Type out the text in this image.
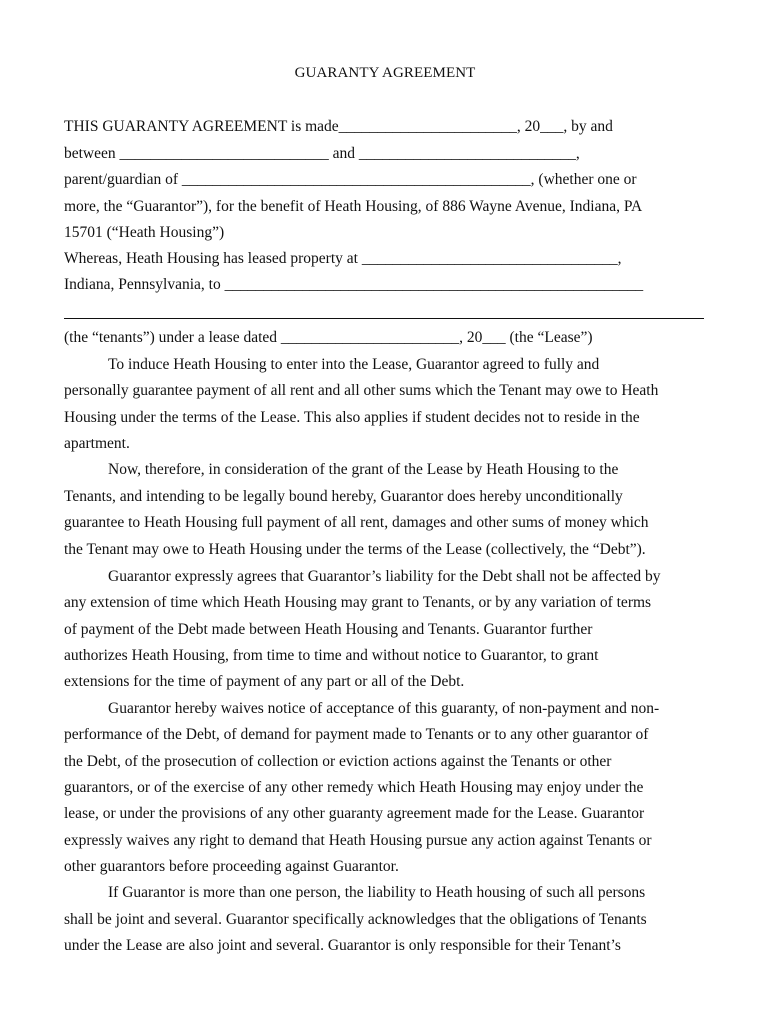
GUARANTY AGREEMENT
THIS GUARANTY AGREEMENT is made_______________________, 20___, by and
between ___________________________ and ____________________________,
parent/guardian of _____________________________________________, (whether one or
more, the “Guarantor”), for the benefit of Heath Housing, of 886 Wayne Avenue, Indiana, PA
15701 (“Heath Housing”)
Whereas, Heath Housing has leased property at _________________________________,
Indiana, Pennsylvania, to ______________________________________________________
(the “tenants”) under a lease dated _______________________, 20___ (the “Lease”)
To induce Heath Housing to enter into the Lease, Guarantor agreed to fully and
personally guarantee payment of all rent and all other sums which the Tenant may owe to Heath
Housing under the terms of the Lease. This also applies if student decides not to reside in the
apartment.
Now, therefore, in consideration of the grant of the Lease by Heath Housing to the
Tenants, and intending to be legally bound hereby, Guarantor does hereby unconditionally
guarantee to Heath Housing full payment of all rent, damages and other sums of money which
the Tenant may owe to Heath Housing under the terms of the Lease (collectively, the “Debt”).
Guarantor expressly agrees that Guarantor’s liability for the Debt shall not be affected by
any extension of time which Heath Housing may grant to Tenants, or by any variation of terms
of payment of the Debt made between Heath Housing and Tenants. Guarantor further
authorizes Heath Housing, from time to time and without notice to Guarantor, to grant
extensions for the time of payment of any part or all of the Debt.
Guarantor hereby waives notice of acceptance of this guaranty, of non-payment and non-
performance of the Debt, of demand for payment made to Tenants or to any other guarantor of
the Debt, of the prosecution of collection or eviction actions against the Tenants or other
guarantors, or of the exercise of any other remedy which Heath Housing may enjoy under the
lease, or under the provisions of any other guaranty agreement made for the Lease. Guarantor
expressly waives any right to demand that Heath Housing pursue any action against Tenants or
other guarantors before proceeding against Guarantor.
If Guarantor is more than one person, the liability to Heath housing of such all persons
shall be joint and several. Guarantor specifically acknowledges that the obligations of Tenants
under the Lease are also joint and several. Guarantor is only responsible for their Tenant’s
